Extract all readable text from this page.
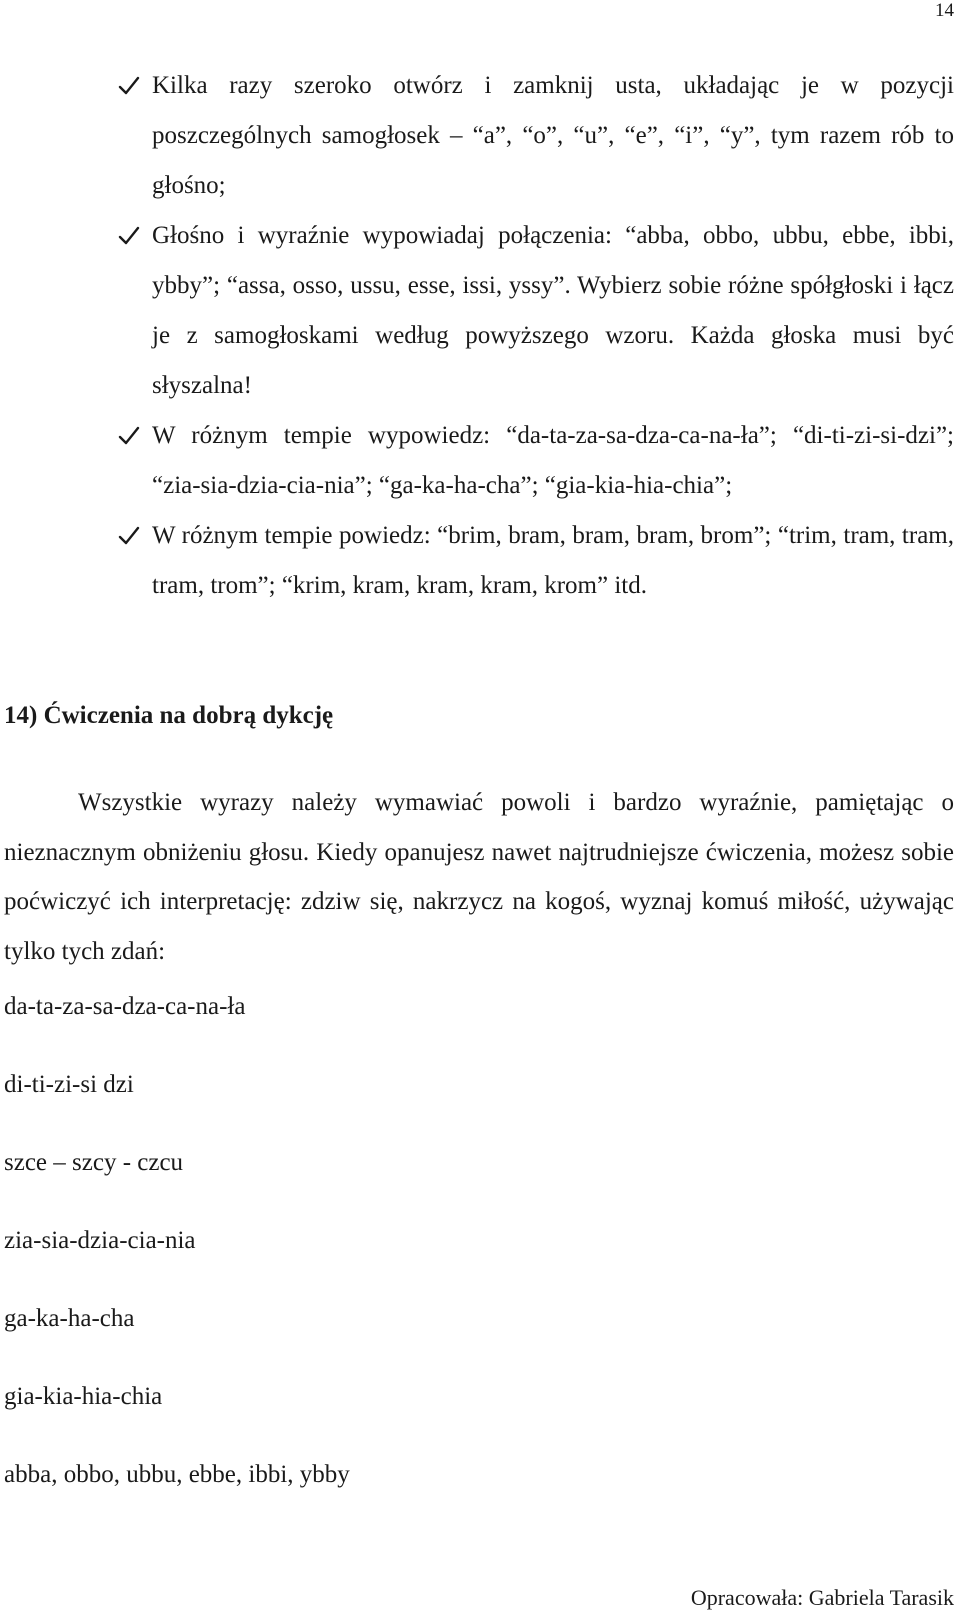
14
Kilka razy szeroko otwórz i zamknij usta, układając je w pozycji poszczególnych samogłosek – “a”, “o”, “u”, “e”, “i”, “y”, tym razem rób to głośno;
Głośno i wyraźnie wypowiadaj połączenia: “abba, obbo, ubbu, ebbe, ibbi, ybby”; “assa, osso, ussu, esse, issi, yssy”. Wybierz sobie różne spółgłoski i łącz je z samogłoskami według powyższego wzoru. Każda głoska musi być słyszalna!
W różnym tempie wypowiedz: “da-ta-za-sa-dza-ca-na-ła”; “di-ti-zi-si-dzi”; “zia-sia-dzia-cia-nia”; “ga-ka-ha-cha”; “gia-kia-hia-chia”;
W różnym tempie powiedz: “brim, bram, bram, bram, brom”; “trim, tram, tram, tram, trom”; “krim, kram, kram, kram, krom” itd.
14) Ćwiczenia na dobrą dykcję
Wszystkie wyrazy należy wymawiać powoli i bardzo wyraźnie, pamiętając o nieznacznym obniżeniu głosu. Kiedy opanujesz nawet najtrudniejsze ćwiczenia, możesz sobie poćwiczyć ich interpretację: zdziw się, nakrzycz na kogoś, wyznaj komuś miłość, używając tylko tych zdań:
da-ta-za-sa-dza-ca-na-ła
di-ti-zi-si dzi
szce – szcy - czcu
zia-sia-dzia-cia-nia
ga-ka-ha-cha
gia-kia-hia-chia
abba, obbo, ubbu, ebbe, ibbi, ybby
Opracowała: Gabriela Tarasik
